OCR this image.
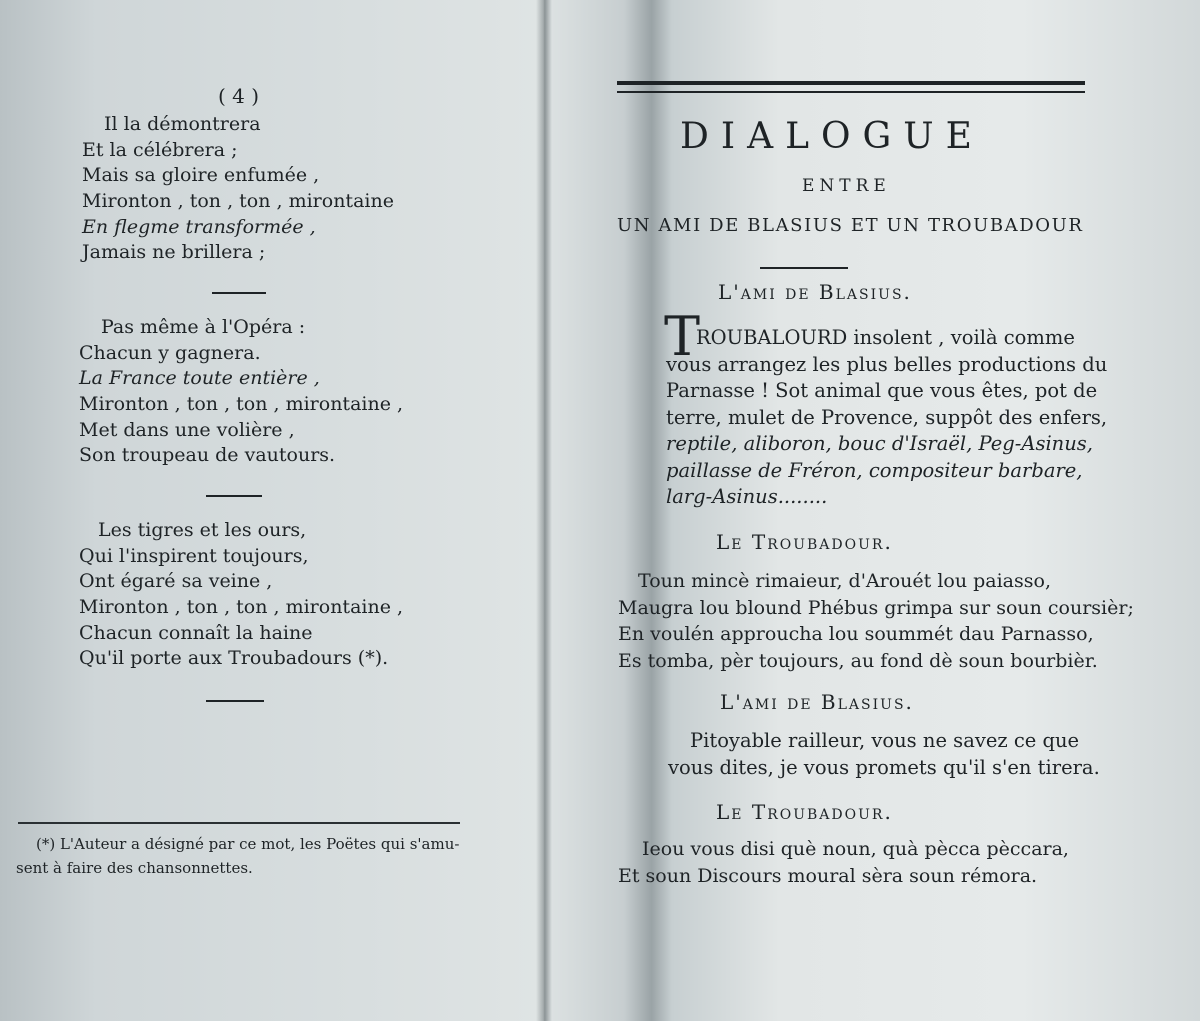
( 4 )
Il la démontrera
Et la célébrera ;
Mais sa gloire enfumée ,
Mironton , ton , ton , mirontaine
En flegme transformée ,
Jamais ne brillera ;
Pas même à l'Opéra :
Chacun y gagnera.
La France toute entière ,
Mironton , ton , ton , mirontaine ,
Met dans une volière ,
Son troupeau de vautours.
Les tigres et les ours,
Qui l'inspirent toujours,
Ont égaré sa veine ,
Mironton , ton , ton , mirontaine ,
Chacun connaît la haine
Qu'il porte aux Troubadours (*).
(*) L'Auteur a désigné par ce mot, les Poëtes qui s'amu-
sent à faire des chansonnettes.
DIALOGUE
ENTRE
UN AMI DE BLASIUS ET UN TROUBADOUR
L'ami de Blasius.
T
ROUBALOURD insolent , voilà comme
vous arrangez les plus belles productions du
Parnasse ! Sot animal que vous êtes, pot de
terre, mulet de Provence, suppôt des enfers,
reptile, aliboron, bouc d'Israël, Peg-Asinus,
paillasse de Fréron, compositeur barbare,
larg-Asinus........
Le Troubadour.
Toun mincè rimaieur, d'Arouét lou paiasso,
Maugra lou blound Phébus grimpa sur soun coursièr;
En voulén approucha lou soummét dau Parnasso,
Es tomba, pèr toujours, au fond dè soun bourbièr.
L'ami de Blasius.
Pitoyable railleur, vous ne savez ce que
vous dites, je vous promets qu'il s'en tirera.
Le Troubadour.
Ieou vous disi què noun, quà pècca pèccara,
Et soun Discours moural sèra soun rémora.
